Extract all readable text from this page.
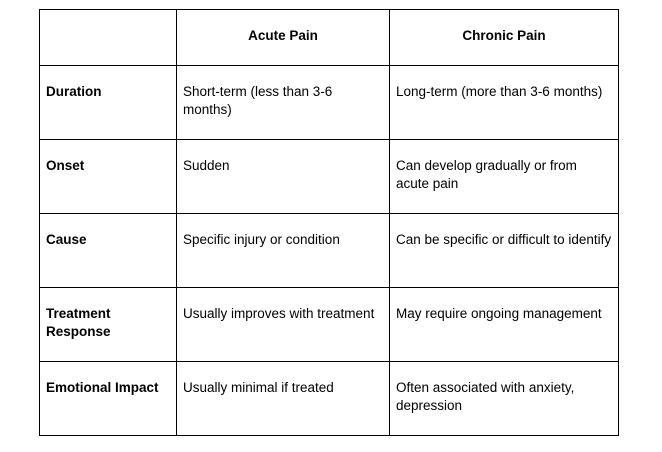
	Acute Pain	Chronic Pain
Duration	Short-term (less than 3-6 months)	Long-term (more than 3-6 months)
Onset	Sudden	Can develop gradually or from acute pain
Cause	Specific injury or condition	Can be specific or difficult to identify
Treatment Response	Usually improves with treatment	May require ongoing management
Emotional Impact	Usually minimal if treated	Often associated with anxiety, depression
